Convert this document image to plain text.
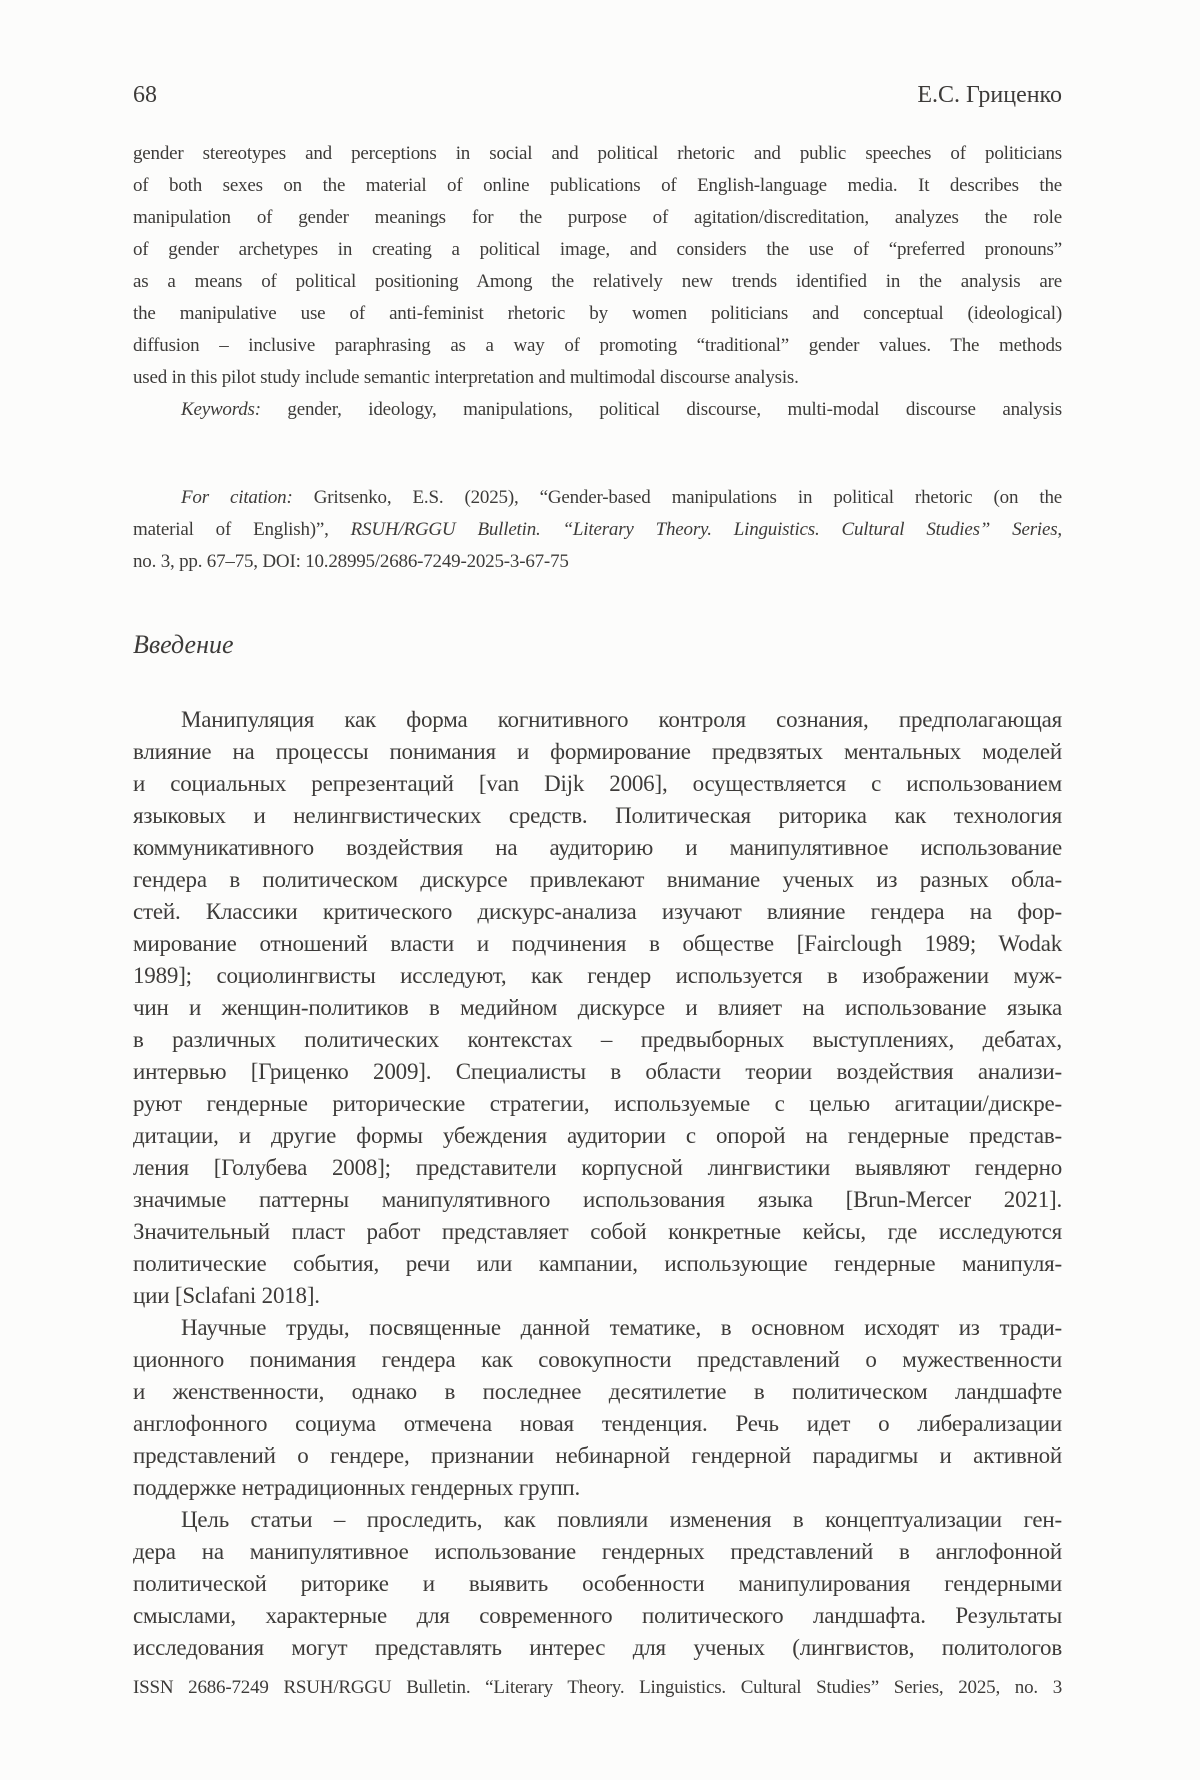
68	Е.С. Гриценко
gender stereotypes and perceptions in social and political rhetoric and public speeches of politicians
of both sexes on the material of online publications of English-language media. It describes the
manipulation of gender meanings for the purpose of agitation/discreditation, analyzes the role
of gender archetypes in creating a political image, and considers the use of “preferred pronouns”
as a means of political positioning Among the relatively new trends identified in the analysis are
the manipulative use of anti-feminist rhetoric by women politicians and conceptual (ideological)
diffusion – inclusive paraphrasing as a way of promoting “traditional” gender values. The methods
used in this pilot study include semantic interpretation and multimodal discourse analysis.
Keywords: gender, ideology, manipulations, political discourse, multi-modal discourse analysis
For citation: Gritsenko, E.S. (2025), “Gender-based manipulations in political rhetoric (on the
material of English)”, RSUH/RGGU Bulletin. “Literary Theory. Linguistics. Cultural Studies” Series,
no. 3, pp. 67–75, DOI: 10.28995/2686-7249-2025-3-67-75
Введение
Манипуляция как форма когнитивного контроля сознания, предполагающая
влияние на процессы понимания и формирование предвзятых ментальных моделей
и социальных репрезентаций [van Dijk 2006], осуществляется с использованием
языковых и нелингвистических средств. Политическая риторика как технология
коммуникативного воздействия на аудиторию и манипулятивное использование
гендера в политическом дискурсе привлекают внимание ученых из разных обла-
стей. Классики критического дискурс-анализа изучают влияние гендера на фор-
мирование отношений власти и подчинения в обществе [Fairclough 1989; Wodak
1989]; социолингвисты исследуют, как гендер используется в изображении муж-
чин и женщин-политиков в медийном дискурсе и влияет на использование языка
в различных политических контекстах – предвыборных выступлениях, дебатах,
интервью [Гриценко 2009]. Специалисты в области теории воздействия анализи-
руют гендерные риторические стратегии, используемые с целью агитации/дискре-
дитации, и другие формы убеждения аудитории с опорой на гендерные представ-
ления [Голубева 2008]; представители корпусной лингвистики выявляют гендерно
значимые паттерны манипулятивного использования языка [Brun-Mercer 2021].
Значительный пласт работ представляет собой конкретные кейсы, где исследуются
политические события, речи или кампании, использующие гендерные манипуля-
ции [Sclafani 2018].
Научные труды, посвященные данной тематике, в основном исходят из тради-
ционного понимания гендера как совокупности представлений о мужественности
и женственности, однако в последнее десятилетие в политическом ландшафте
англофонного социума отмечена новая тенденция. Речь идет о либерализации
представлений о гендере, признании небинарной гендерной парадигмы и активной
поддержке нетрадиционных гендерных групп.
Цель статьи – проследить, как повлияли изменения в концептуализации ген-
дера на манипулятивное использование гендерных представлений в англофонной
политической риторике и выявить особенности манипулирования гендерными
смыслами, характерные для современного политического ландшафта. Результаты
исследования могут представлять интерес для ученых (лингвистов, политологов
ISSN 2686-7249 RSUH/RGGU Bulletin. “Literary Theory. Linguistics. Cultural Studies” Series, 2025, no. 3
